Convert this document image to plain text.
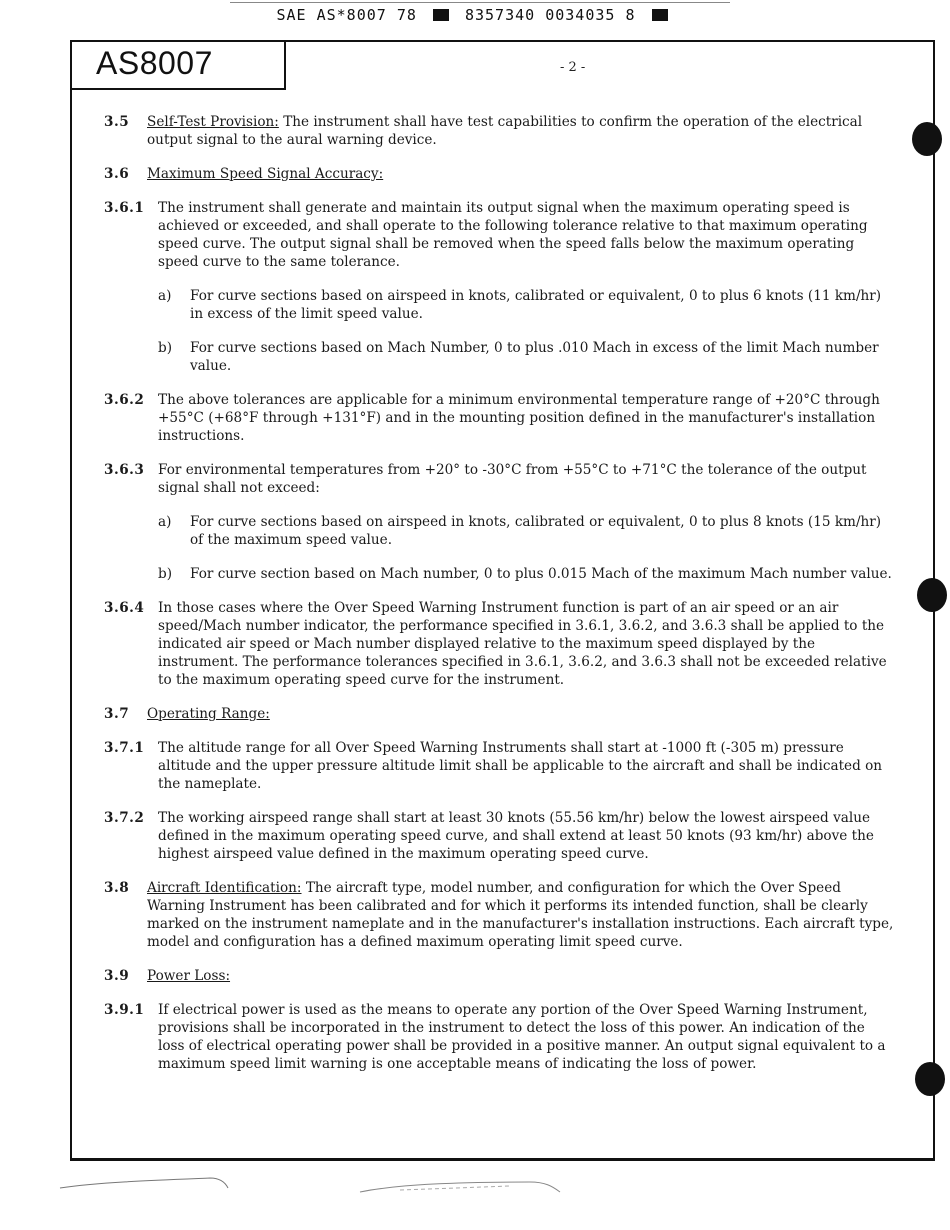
SAE AS*8007 78	8357340 0034035 8
AS8007	- 2 -
3.5	Self-Test Provision: The instrument shall have test capabilities to confirm the operation of the electrical output signal to the aural warning device.
3.6	Maximum Speed Signal Accuracy:
3.6.1	The instrument shall generate and maintain its output signal when the maximum operating speed is achieved or exceeded, and shall operate to the following tolerance relative to that maximum operating speed curve. The output signal shall be removed when the speed falls below the maximum operating speed curve to the same tolerance.
a)	For curve sections based on airspeed in knots, calibrated or equivalent, 0 to plus 6 knots (11 km/hr) in excess of the limit speed value.
b)	For curve sections based on Mach Number, 0 to plus .010 Mach in excess of the limit Mach number value.
3.6.2	The above tolerances are applicable for a minimum environmental temperature range of +20°C through +55°C (+68°F through +131°F) and in the mounting position defined in the manufacturer's installation instructions.
3.6.3	For environmental temperatures from +20° to -30°C from +55°C to +71°C the tolerance of the output signal shall not exceed:
a)	For curve sections based on airspeed in knots, calibrated or equivalent, 0 to plus 8 knots (15 km/hr) of the maximum speed value.
b)	For curve section based on Mach number, 0 to plus 0.015 Mach of the maximum Mach number value.
3.6.4	In those cases where the Over Speed Warning Instrument function is part of an air speed or an air speed/Mach number indicator, the performance specified in 3.6.1, 3.6.2, and 3.6.3 shall be applied to the indicated air speed or Mach number displayed relative to the maximum speed displayed by the instrument. The performance tolerances specified in 3.6.1, 3.6.2, and 3.6.3 shall not be exceeded relative to the maximum operating speed curve for the instrument.
3.7	Operating Range:
3.7.1	The altitude range for all Over Speed Warning Instruments shall start at -1000 ft (-305 m) pressure altitude and the upper pressure altitude limit shall be applicable to the aircraft and shall be indicated on the nameplate.
3.7.2	The working airspeed range shall start at least 30 knots (55.56 km/hr) below the lowest airspeed value defined in the maximum operating speed curve, and shall extend at least 50 knots (93 km/hr) above the highest airspeed value defined in the maximum operating speed curve.
3.8	Aircraft Identification: The aircraft type, model number, and configuration for which the Over Speed Warning Instrument has been calibrated and for which it performs its intended function, shall be clearly marked on the instrument nameplate and in the manufacturer's installation instructions. Each aircraft type, model and configuration has a defined maximum operating limit speed curve.
3.9	Power Loss:
3.9.1	If electrical power is used as the means to operate any portion of the Over Speed Warning Instrument, provisions shall be incorporated in the instrument to detect the loss of this power. An indication of the loss of electrical operating power shall be provided in a positive manner. An output signal equivalent to a maximum speed limit warning is one acceptable means of indicating the loss of power.
